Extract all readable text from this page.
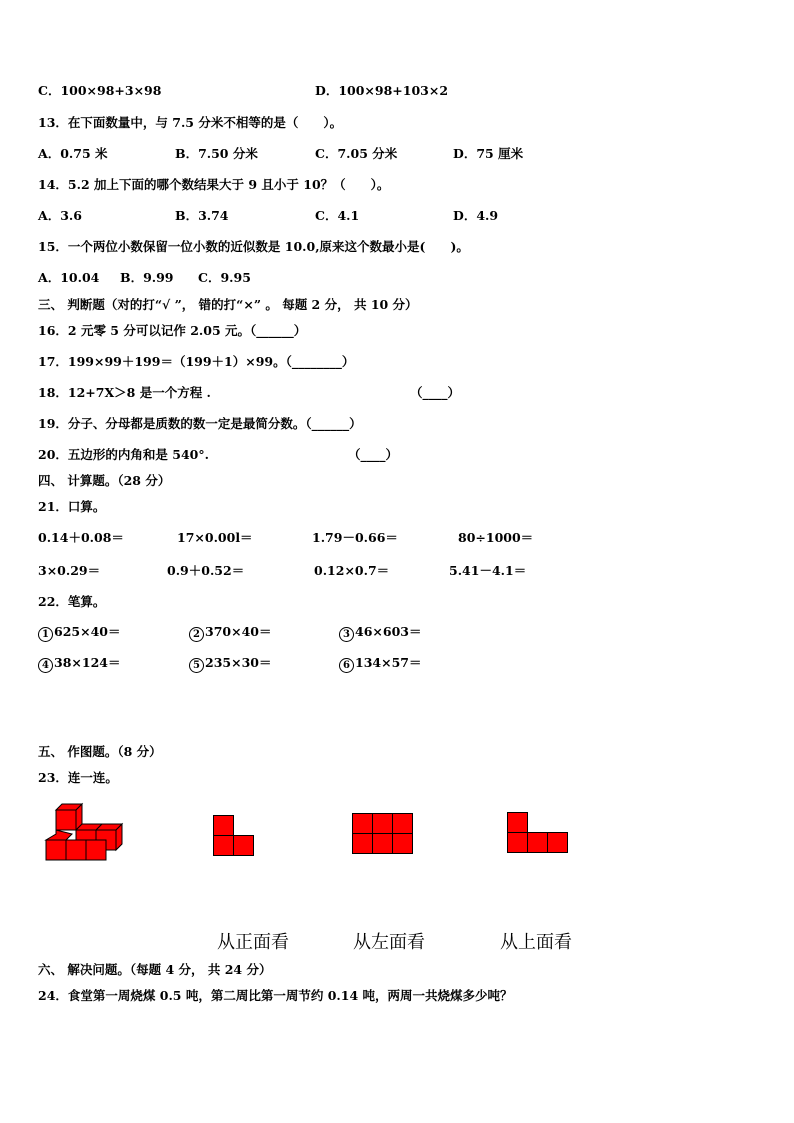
C．100×98+3×98	D．100×98+103×2
13．在下面数量中，与 7.5 分米不相等的是（　　）。
A．0.75 米	B．7.50 分米	C．7.05 分米	D．75 厘米
14．5.2 加上下面的哪个数结果大于 9 且小于 10？（　　）。
A．3.6	B．3.74	C．4.1	D．4.9
15．一个两位小数保留一位小数的近似数是 10.0,原来这个数最小是(　　)。
A．10.04 B．9.99 C．9.95
三、 判断题（对的打“√ ”， 错的打“×” 。 每题 2 分， 共 10 分）
16．2 元零 5 分可以记作 2.05 元。（______）
17．199×99＋199＝（199＋1）×99。（________）
18．12+7X＞8 是一个方程 .	（____）
19．分子、分母都是质数的数一定是最简分数。（______）
20．五边形的内角和是 540°.	（____）
四、 计算题。（28 分）
21．口算。
0.14＋0.08＝	17×0.00l＝	1.79－0.66＝	80÷1000＝
3×0.29＝	0.9＋0.52＝	0.12×0.7＝	5.41－4.1＝
22．笔算。
1 625×40＝	2 370×40＝	3 46×603＝
4 38×124＝	5 235×30＝	6 134×57＝
五、 作图题。（8 分）
23．连一连。
从正面看	从左面看	从上面看
六、 解决问题。（每题 4 分， 共 24 分）
24．食堂第一周烧煤 0.5 吨，第二周比第一周节约 0.14 吨，两周一共烧煤多少吨？
